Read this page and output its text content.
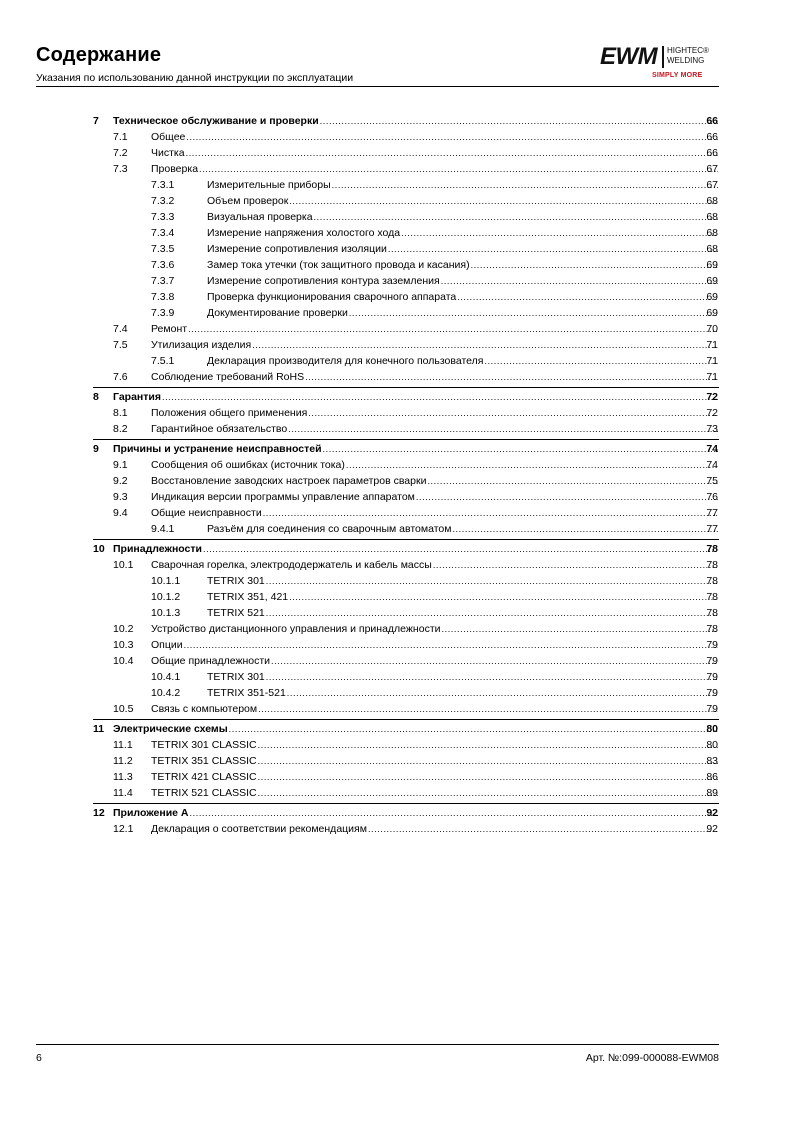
Содержание
Указания по использованию данной инструкции по эксплуатации
EWM HIGHTEC®
WELDING
SIMPLY MORE
7 Техническое обслуживание и проверки .....	66
7.1 Общее .....	66
7.2 Чистка .....	66
7.3 Проверка .....	67
7.3.1	Измерительные приборы .....	67
7.3.2	Объем проверок .....	68
7.3.3	Визуальная проверка .....	68
7.3.4	Измерение напряжения холостого хода .....	68
7.3.5	Измерение сопротивления изоляции .....	68
7.3.6	Замер тока утечки (ток защитного провода и касания) .....	69
7.3.7	Измерение сопротивления контура заземления .....	69
7.3.8	Проверка функционирования сварочного аппарата .....	69
7.3.9	Документирование проверки .....	69
7.4 Ремонт .....	70
7.5 Утилизация изделия .....	71
7.5.1	Декларация производителя для конечного пользователя .....	71
7.6 Соблюдение требований RoHS .....	71
8 Гарантия .....	72
8.1 Положения общего применения .....	72
8.2 Гарантийное обязательство .....	73
9 Причины и устранение неисправностей .....	74
9.1 Сообщения об ошибках (источник тока) .....	74
9.2 Восстановление заводских настроек параметров сварки .....	75
9.3 Индикация версии программы управление аппаратом .....	76
9.4 Общие неисправности .....	77
9.4.1	Разъём для соединения со сварочным автоматом .....	77
10 Принадлежности .....	78
10.1 Сварочная горелка, электрододержатель и кабель массы .....	78
10.1.1	TETRIX 301 .....	78
10.1.2	TETRIX 351, 421 .....	78
10.1.3	TETRIX 521 .....	78
10.2 Устройство дистанционного управления и принадлежности .....	78
10.3 Опции .....	79
10.4 Общие принадлежности .....	79
10.4.1	TETRIX 301 .....	79
10.4.2	TETRIX 351-521 .....	79
10.5 Связь с компьютером .....	79
11 Электрические схемы .....	80
11.1 TETRIX 301 CLASSIC .....	80
11.2 TETRIX 351 CLASSIC .....	83
11.3 TETRIX 421 CLASSIC .....	86
11.4 TETRIX 521 CLASSIC .....	89
12 Приложение A .....	92
12.1 Декларация о соответствии рекомендациям .....	92
6	Арт. №:099-000088-EWM08
